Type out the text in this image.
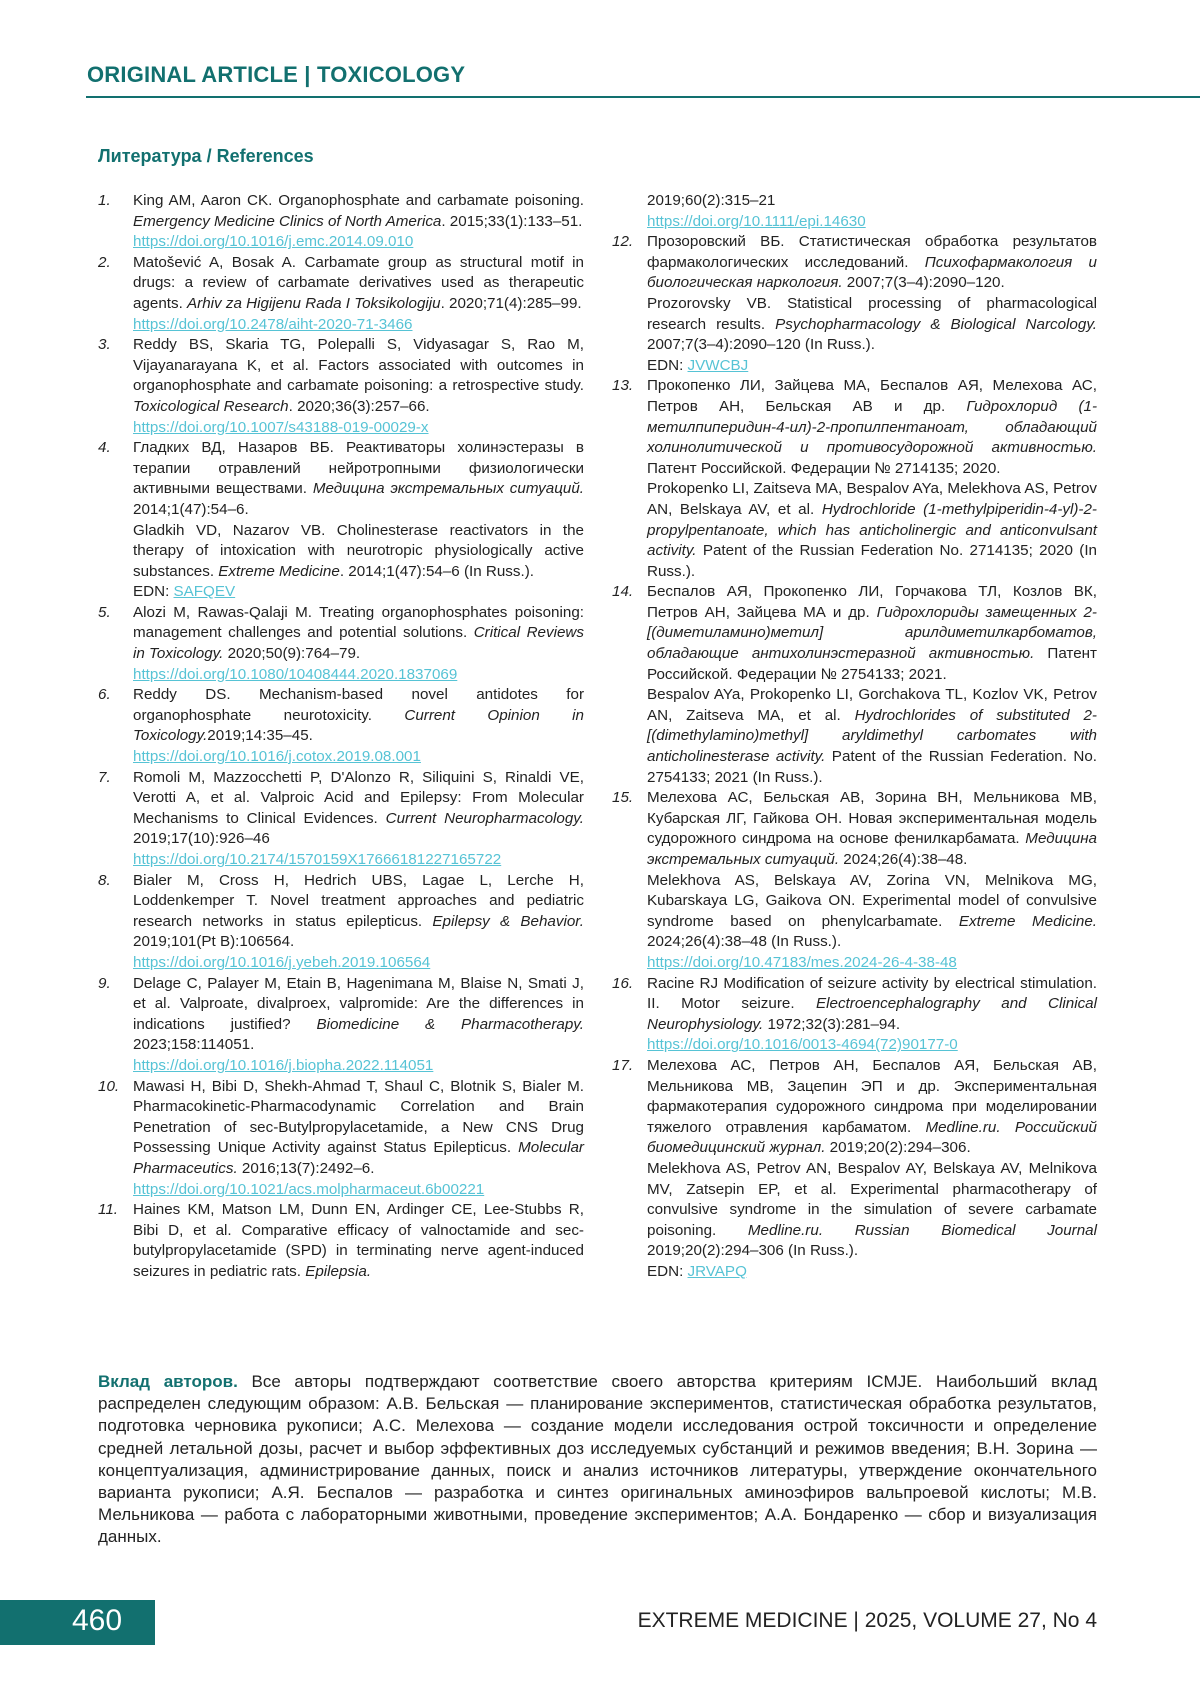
ORIGINAL ARTICLE | TOXICOLOGY
Литература / References
1.	King AM, Aaron CK. Organophosphate and carbamate poisoning. Emergency Medicine Clinics of North America. 2015;33(1):133–51.
https://doi.org/10.1016/j.emc.2014.09.010
2.	Matošević A, Bosak A. Carbamate group as structural motif in drugs: a review of carbamate derivatives used as therapeutic agents. Arhiv za Higijenu Rada I Toksikologiju. 2020;71(4):285–99.
https://doi.org/10.2478/aiht-2020-71-3466
3.	Reddy BS, Skaria TG, Polepalli S, Vidyasagar S, Rao M, Vijayanarayana K, et al. Factors associated with outcomes in organophosphate and carbamate poisoning: a retrospective study. Toxicological Research. 2020;36(3):257–66.
https://doi.org/10.1007/s43188-019-00029-x
4.	Гладких ВД, Назаров ВБ. Реактиваторы холинэстеразы в терапии отравлений нейротропными физиологически активными веществами. Медицина экстремальных ситуаций. 2014;1(47):54–6.
Gladkih VD, Nazarov VB. Cholinesterase reactivators in the therapy of intoxication with neurotropic physiologically active substances. Extreme Medicine. 2014;1(47):54–6 (In Russ.).
EDN: SAFQEV
5.	Alozi M, Rawas-Qalaji M. Treating organophosphates poisoning: management challenges and potential solutions. Critical Reviews in Toxicology. 2020;50(9):764–79.
https://doi.org/10.1080/10408444.2020.1837069
6.	Reddy DS. Mechanism-based novel antidotes for organophosphate neurotoxicity. Current Opinion in Toxicology.2019;14:35–45.
https://doi.org/10.1016/j.cotox.2019.08.001
7.	Romoli M, Mazzocchetti P, D'Alonzo R, Siliquini S, Rinaldi VE, Verotti A, et al. Valproic Acid and Epilepsy: From Molecular Mechanisms to Clinical Evidences. Current Neuropharmacology. 2019;17(10):926–46
https://doi.org/10.2174/1570159X17666181227165722
8.	Bialer M, Cross H, Hedrich UBS, Lagae L, Lerche H, Loddenkemper T. Novel treatment approaches and pediatric research networks in status epilepticus. Epilepsy & Behavior. 2019;101(Pt B):106564.
https://doi.org/10.1016/j.yebeh.2019.106564
9.	Delage C, Palayer M, Etain B, Hagenimana M, Blaise N, Smati J, et al. Valproate, divalproex, valpromide: Are the differences in indications justified? Biomedicine & Pharmacotherapy. 2023;158:114051.
https://doi.org/10.1016/j.biopha.2022.114051
10. Mawasi H, Bibi D, Shekh-Ahmad T, Shaul C, Blotnik S, Bialer M. Pharmacokinetic-Pharmacodynamic Correlation and Brain Penetration of sec-Butylpropylacetamide, a New CNS Drug Possessing Unique Activity against Status Epilepticus. Molecular Pharmaceutics. 2016;13(7):2492–6.
https://doi.org/10.1021/acs.molpharmaceut.6b00221
11. Haines KM, Matson LM, Dunn EN, Ardinger CE, Lee-Stubbs R, Bibi D, et al. Comparative efficacy of valnoctamide and sec-butylpropylacetamide (SPD) in terminating nerve agent-induced seizures in pediatric rats. Epilepsia.
2019;60(2):315–21
https://doi.org/10.1111/epi.14630
12. Прозоровский ВБ. Статистическая обработка результатов фармакологических исследований. Психофармакология и биологическая наркология. 2007;7(3–4):2090–120.
Prozorovsky VB. Statistical processing of pharmacological research results. Psychopharmacology & Biological Narcology. 2007;7(3–4):2090–120 (In Russ.).
EDN: JVWCBJ
13. Прокопенко ЛИ, Зайцева МА, Беспалов АЯ, Мелехова АС, Петров АН, Бельская АВ и др. Гидрохлорид (1-метилпиперидин-4-ил)-2-пропилпентаноат, обладающий холинолитической и противосудорожной активностью. Патент Российской. Федерации № 2714135; 2020.
Prokopenko LI, Zaitseva MA, Bespalov AYa, Melekhova AS, Petrov AN, Belskaya AV, et al. Hydrochloride (1-methylpiperidin-4-yl)-2-propylpentanoate, which has anticholinergic and anticonvulsant activity. Patent of the Russian Federation No. 2714135; 2020 (In Russ.).
14. Беспалов АЯ, Прокопенко ЛИ, Горчакова ТЛ, Козлов ВК, Петров АН, Зайцева МА и др. Гидрохлориды замещенных 2-[(диметиламино)метил] арилдиметилкарбоматов, обладающие антихолинэстеразной активностью. Патент Российской. Федерации № 2754133; 2021.
Bespalov AYa, Prokopenko LI, Gorchakova TL, Kozlov VK, Petrov AN, Zaitseva MA, et al. Hydrochlorides of substituted 2-[(dimethylamino)methyl] aryldimethyl carbomates with anticholinesterase activity. Patent of the Russian Federation. No. 2754133; 2021 (In Russ.).
15. Мелехова АС, Бельская АВ, Зорина ВН, Мельникова МВ, Кубарская ЛГ, Гайкова ОН. Новая экспериментальная модель судорожного синдрома на основе фенилкарбамата. Медицина экстремальных ситуаций. 2024;26(4):38–48.
Melekhova AS, Belskaya AV, Zorina VN, Melnikova MG, Kubarskaya LG, Gaikova ON. Experimental model of convulsive syndrome based on phenylcarbamate. Extreme Medicine. 2024;26(4):38–48 (In Russ.).
https://doi.org/10.47183/mes.2024-26-4-38-48
16. Racine RJ Modification of seizure activity by electrical stimulation. II. Motor seizure. Electroencephalography and Clinical Neurophysiology. 1972;32(3):281–94.
https://doi.org/10.1016/0013-4694(72)90177-0
17. Мелехова АС, Петров АН, Беспалов АЯ, Бельская АВ, Мельникова МВ, Зацепин ЭП и др. Экспериментальная фармакотерапия судорожного синдрома при моделировании тяжелого отравления карбаматом. Medline.ru. Российский биомедицинский журнал. 2019;20(2):294–306.
Melekhova AS, Petrov AN, Bespalov AY, Belskaya AV, Melnikova MV, Zatsepin EP, et al. Experimental pharmacotherapy of convulsive syndrome in the simulation of severe carbamate poisoning. Medline.ru. Russian Biomedical Journal 2019;20(2):294–306 (In Russ.).
EDN: JRVAPQ
Вклад авторов. Все авторы подтверждают соответствие своего авторства критериям ICMJE. Наибольший вклад распределен следующим образом: А.В. Бельская — планирование экспериментов, статистическая обработка результатов, подготовка черновика рукописи; А.С. Мелехова — создание модели исследования острой токсичности и определение средней летальной дозы, расчет и выбор эффективных доз исследуемых субстанций и режимов введения; В.Н. Зорина — концептуализация, администрирование данных, поиск и анализ источников литературы, утверждение окончательного варианта рукописи; А.Я. Беспалов — разработка и синтез оригинальных аминоэфиров вальпроевой кислоты; М.В. Мельникова — работа с лабораторными животными, проведение экспериментов; А.А. Бондаренко — сбор и визуализация данных.
460	EXTREME MEDICINE | 2025, VOLUME 27, No 4
